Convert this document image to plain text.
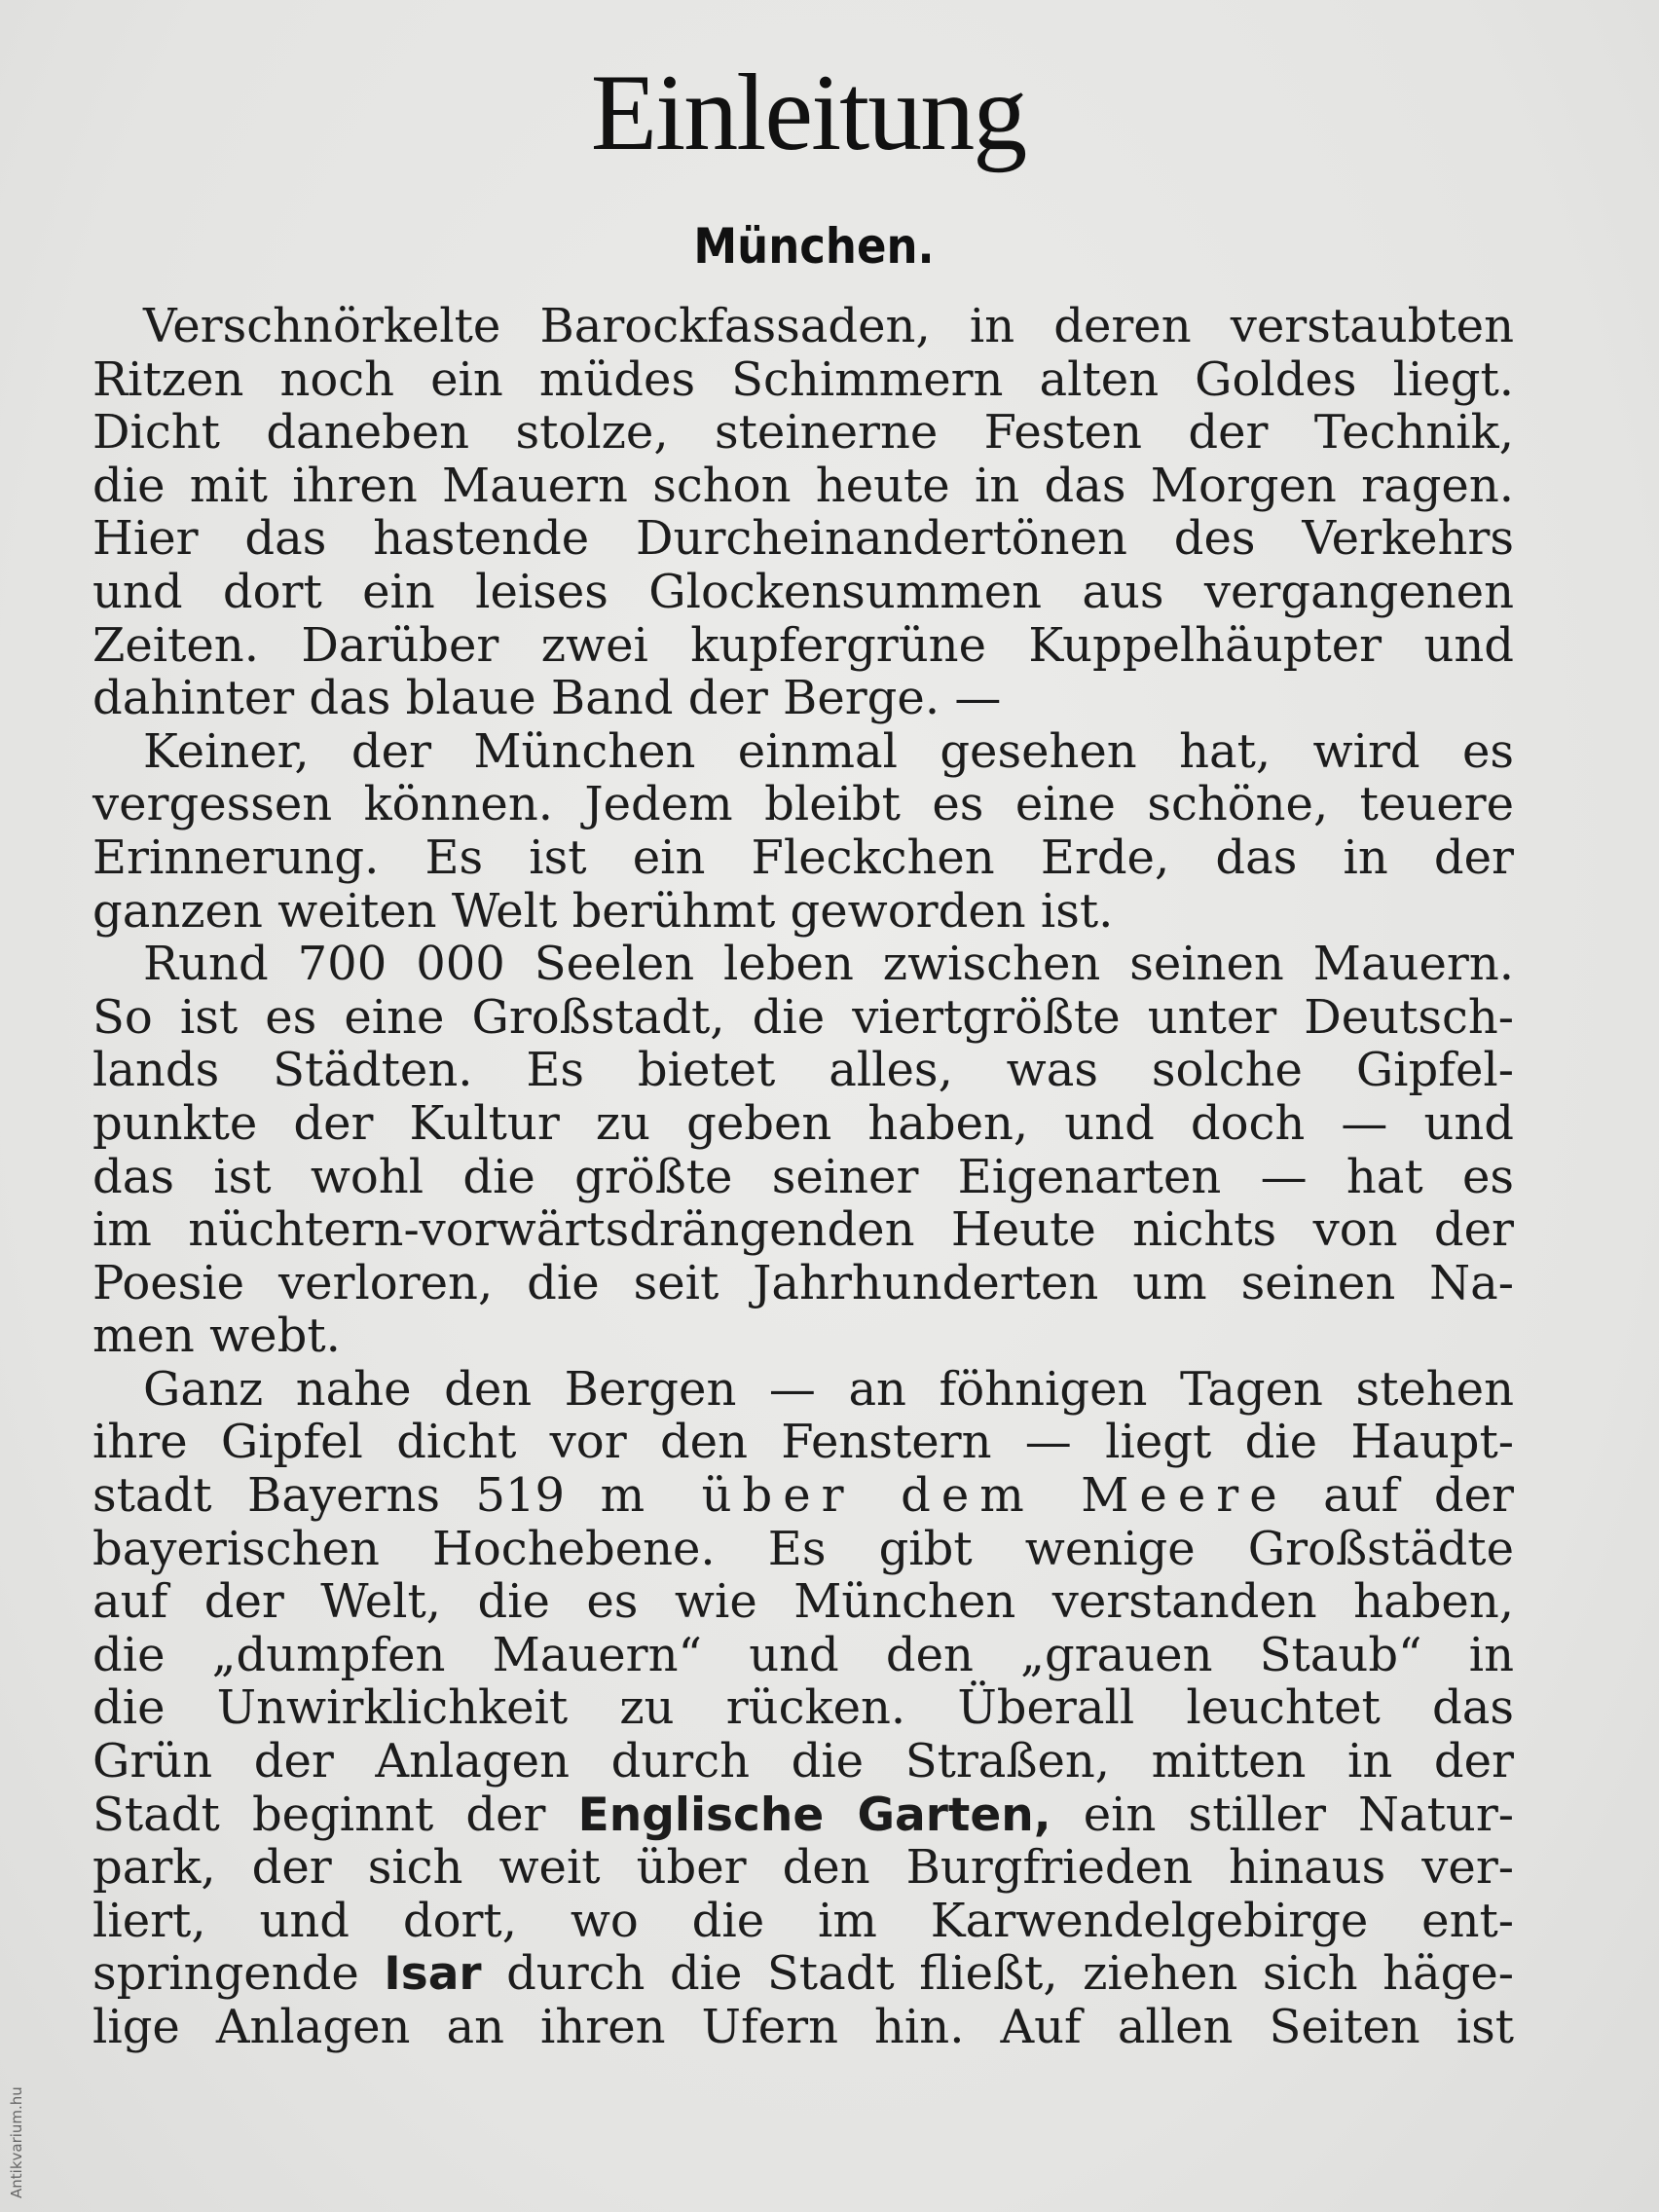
Einleitung
München.
Verschnörkelte Barockfassaden, in deren verstaubten
Ritzen noch ein müdes Schimmern alten Goldes liegt.
Dicht daneben stolze, steinerne Festen der Technik,
die mit ihren Mauern schon heute in das Morgen ragen.
Hier das hastende Durcheinandertönen des Verkehrs
und dort ein leises Glockensummen aus vergangenen
Zeiten. Darüber zwei kupfergrüne Kuppelhäupter und
dahinter das blaue Band der Berge. —
Keiner, der München einmal gesehen hat, wird es
vergessen können. Jedem bleibt es eine schöne, teuere
Erinnerung. Es ist ein Fleckchen Erde, das in der
ganzen weiten Welt berühmt geworden ist.
Rund 700 000 Seelen leben zwischen seinen Mauern.
So ist es eine Großstadt, die viertgrößte unter Deutsch-
lands Städten. Es bietet alles, was solche Gipfel-
punkte der Kultur zu geben haben, und doch — und
das ist wohl die größte seiner Eigenarten — hat es
im nüchtern-vorwärtsdrängenden Heute nichts von der
Poesie verloren, die seit Jahrhunderten um seinen Na-
men webt.
Ganz nahe den Bergen — an föhnigen Tagen stehen
ihre Gipfel dicht vor den Fenstern — liegt die Haupt-
stadt Bayerns 519 m über dem Meere auf der
bayerischen Hochebene. Es gibt wenige Großstädte
auf der Welt, die es wie München verstanden haben,
die „dumpfen Mauern“ und den „grauen Staub“ in
die Unwirklichkeit zu rücken. Überall leuchtet das
Grün der Anlagen durch die Straßen, mitten in der
Stadt beginnt der Englische Garten, ein stiller Natur-
park, der sich weit über den Burgfrieden hinaus ver-
liert, und dort, wo die im Karwendelgebirge ent-
springende Isar durch die Stadt fließt, ziehen sich häge-
lige Anlagen an ihren Ufern hin. Auf allen Seiten ist
Antikvarium.hu
